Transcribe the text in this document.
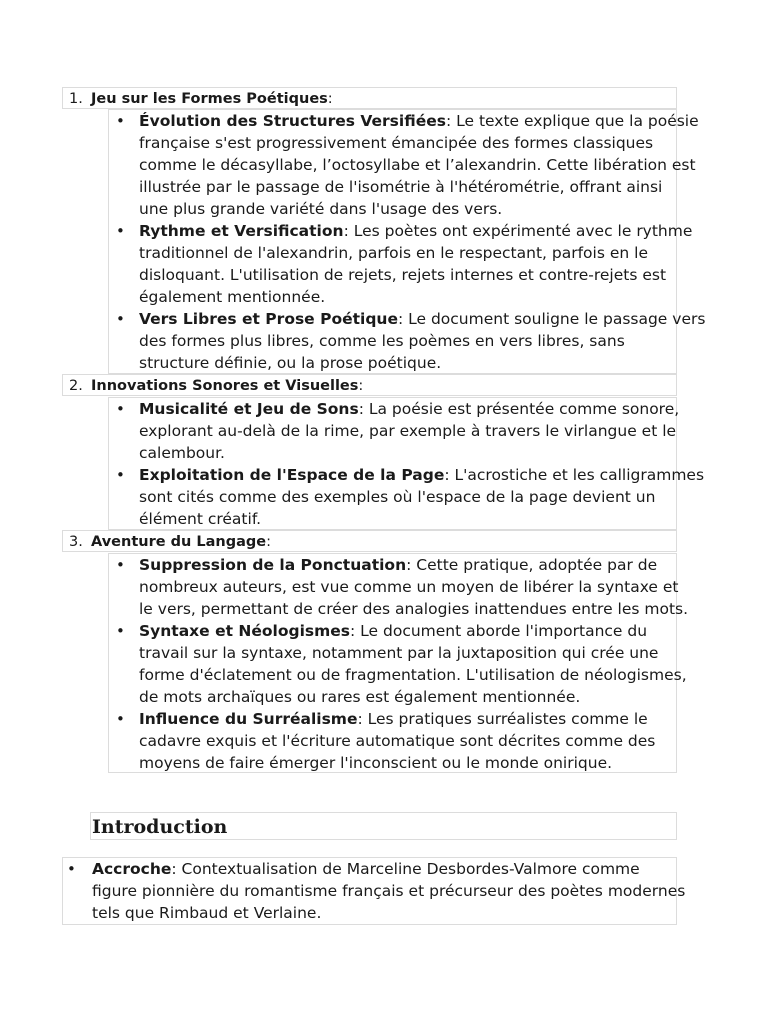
1. Jeu sur les Formes Poétiques:
• Évolution des Structures Versifiées: Le texte explique que la poésie
française s'est progressivement émancipée des formes classiques
comme le décasyllabe, l’octosyllabe et l’alexandrin. Cette libération est
illustrée par le passage de l'isométrie à l'hétérométrie, offrant ainsi
une plus grande variété dans l'usage des vers.
• Rythme et Versification: Les poètes ont expérimenté avec le rythme
traditionnel de l'alexandrin, parfois en le respectant, parfois en le
disloquant. L'utilisation de rejets, rejets internes et contre-rejets est
également mentionnée.
• Vers Libres et Prose Poétique: Le document souligne le passage vers
des formes plus libres, comme les poèmes en vers libres, sans
structure définie, ou la prose poétique.
2. Innovations Sonores et Visuelles:
• Musicalité et Jeu de Sons: La poésie est présentée comme sonore,
explorant au-delà de la rime, par exemple à travers le virlangue et le
calembour.
• Exploitation de l'Espace de la Page: L'acrostiche et les calligrammes
sont cités comme des exemples où l'espace de la page devient un
élément créatif.
3. Aventure du Langage:
• Suppression de la Ponctuation: Cette pratique, adoptée par de
nombreux auteurs, est vue comme un moyen de libérer la syntaxe et
le vers, permettant de créer des analogies inattendues entre les mots.
• Syntaxe et Néologismes: Le document aborde l'importance du
travail sur la syntaxe, notamment par la juxtaposition qui crée une
forme d'éclatement ou de fragmentation. L'utilisation de néologismes,
de mots archaïques ou rares est également mentionnée.
• Influence du Surréalisme: Les pratiques surréalistes comme le
cadavre exquis et l'écriture automatique sont décrites comme des
moyens de faire émerger l'inconscient ou le monde onirique.
Introduction
• Accroche: Contextualisation de Marceline Desbordes-Valmore comme
figure pionnière du romantisme français et précurseur des poètes modernes
tels que Rimbaud et Verlaine.
